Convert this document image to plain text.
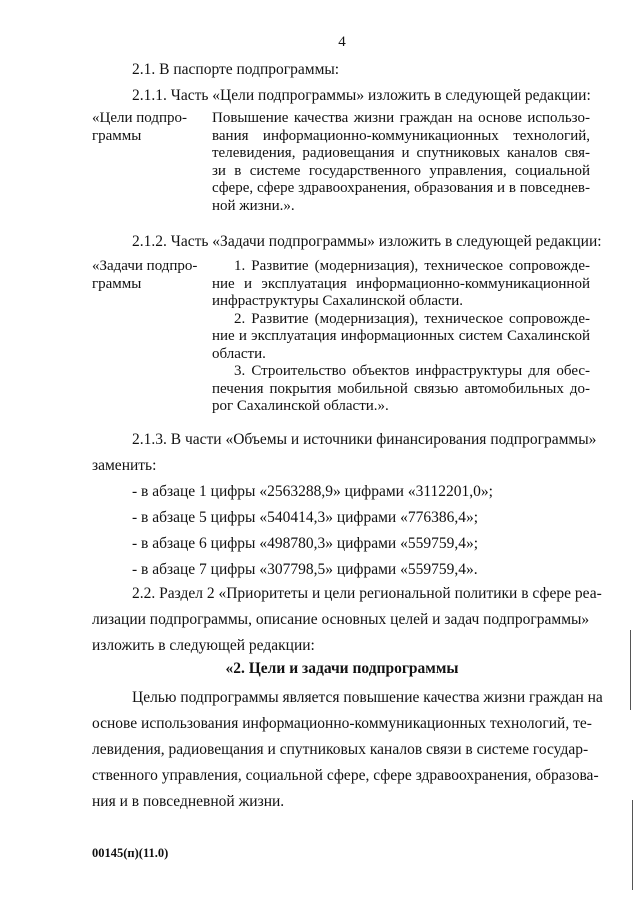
4
2.1. В паспорте подпрограммы:
2.1.1. Часть «Цели подпрограммы» изложить в следующей редакции:
«Цели подпро-
граммы
Повышение качества жизни граждан на основе использо-
вания информационно-коммуникационных технологий,
телевидения, радиовещания и спутниковых каналов свя-
зи в системе государственного управления, социальной
сфере, сфере здравоохранения, образования и в повседнев-
ной жизни.».
2.1.2. Часть «Задачи подпрограммы» изложить в следующей редакции:
«Задачи подпро-
граммы
1. Развитие (модернизация), техническое сопровожде-
ние и эксплуатация информационно-коммуникационной
инфраструктуры Сахалинской области.
2. Развитие (модернизация), техническое сопровожде-
ние и эксплуатация информационных систем Сахалинской
области.
3. Строительство объектов инфраструктуры для обес-
печения покрытия мобильной связью автомобильных до-
рог Сахалинской области.».
2.1.3. В части «Объемы и источники финансирования подпрограммы»
заменить:
- в абзаце 1 цифры «2563288,9» цифрами «3112201,0»;
- в абзаце 5 цифры «540414,3» цифрами «776386,4»;
- в абзаце 6 цифры «498780,3» цифрами «559759,4»;
- в абзаце 7 цифры «307798,5» цифрами «559759,4».
2.2. Раздел 2 «Приоритеты и цели региональной политики в сфере реа-
лизации подпрограммы, описание основных целей и задач подпрограммы»
изложить в следующей редакции:
«2. Цели и задачи подпрограммы
Целью подпрограммы является повышение качества жизни граждан на
основе использования информационно-коммуникационных технологий, те-
левидения, радиовещания и спутниковых каналов связи в системе государ-
ственного управления, социальной сфере, сфере здравоохранения, образова-
ния и в повседневной жизни.
00145(п)(11.0)
